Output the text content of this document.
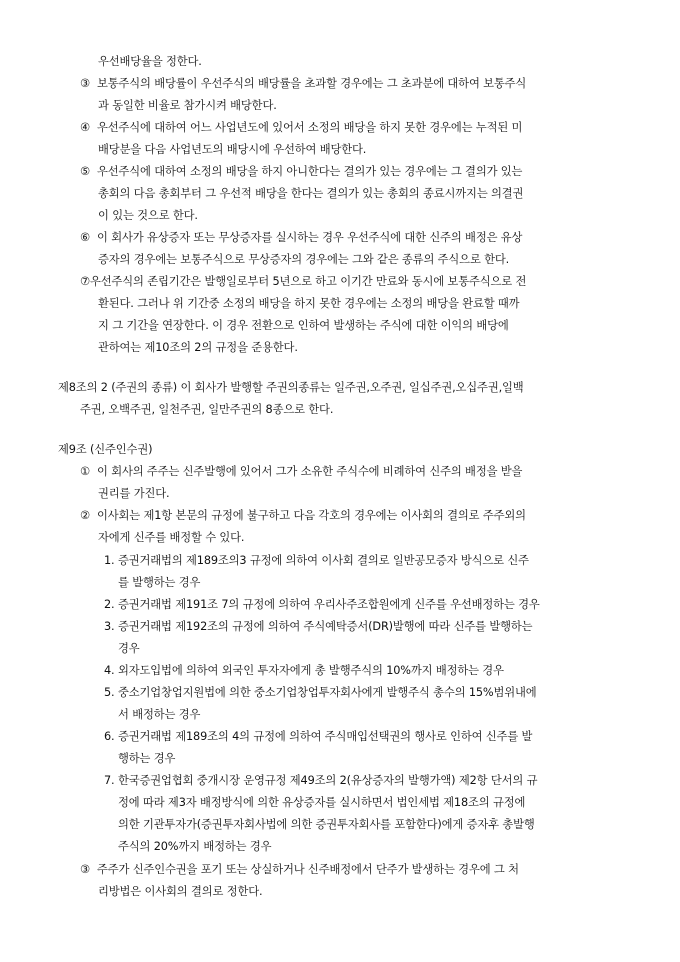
우선배당율을 정한다.
③ 보통주식의 배당률이 우선주식의 배당률을 초과할 경우에는 그 초과분에 대하여 보통주식
과 동일한 비율로 참가시켜 배당한다.
④ 우선주식에 대하여 어느 사업년도에 있어서 소정의 배당을 하지 못한 경우에는 누적된 미
배당분을 다음 사업년도의 배당시에 우선하여 배당한다.
⑤ 우선주식에 대하여 소정의 배당을 하지 아니한다는 결의가 있는 경우에는 그 결의가 있는
총회의 다음 총회부터 그 우선적 배당을 한다는 결의가 있는 총회의 종료시까지는 의결권
이 있는 것으로 한다.
⑥ 이 회사가 유상증자 또는 무상증자를 실시하는 경우 우선주식에 대한 신주의 배정은 유상
증자의 경우에는 보통주식으로 무상증자의 경우에는 그와 같은 종류의 주식으로 한다.
⑦우선주식의 존립기간은 발행일로부터 5년으로 하고 이기간 만료와 동시에 보통주식으로 전
환된다. 그러나 위 기간중 소정의 배당을 하지 못한 경우에는 소정의 배당을 완료할 때까
지 그 기간을 연장한다. 이 경우 전환으로 인하여 발생하는 주식에 대한 이익의 배당에
관하여는 제10조의 2의 규정을 준용한다.
제8조의 2 (주권의 종류) 이 회사가 발행할 주권의종류는 일주권,오주권, 일십주권,오십주권,일백
주권, 오백주권, 일천주권, 일만주권의 8종으로 한다.
제9조 (신주인수권)
① 이 회사의 주주는 신주발행에 있어서 그가 소유한 주식수에 비례하여 신주의 배정을 받을
권리를 가진다.
② 이사회는 제1항 본문의 규정에 불구하고 다음 각호의 경우에는 이사회의 결의로 주주외의
자에게 신주를 배정할 수 있다.
1. 증권거래법의 제189조의3 규정에 의하여 이사회 결의로 일반공모증자 방식으로 신주
를 발행하는 경우
2. 증권거래법 제191조 7의 규정에 의하여 우리사주조합원에게 신주를 우선배정하는 경우
3. 증권거래법 제192조의 규정에 의하여 주식예탁증서(DR)발행에 따라 신주를 발행하는
경우
4. 외자도입법에 의하여 외국인 투자자에게 총 발행주식의 10%까지 배정하는 경우
5. 중소기업창업지원법에 의한 중소기업창업투자회사에게 발행주식 총수의 15%범위내에
서 배정하는 경우
6. 증권거래법 제189조의 4의 규정에 의하여 주식매입선택권의 행사로 인하여 신주를 발
행하는 경우
7. 한국증권업협회 중개시장 운영규정 제49조의 2(유상증자의 발행가액) 제2항 단서의 규
정에 따라 제3자 배정방식에 의한 유상증자를 실시하면서 법인세법 제18조의 규정에
의한 기관투자가(증권투자회사법에 의한 증권투자회사를 포함한다)에게 증자후 총발행
주식의 20%까지 배정하는 경우
③ 주주가 신주인수권을 포기 또는 상실하거나 신주배정에서 단주가 발생하는 경우에 그 처
리방법은 이사회의 결의로 정한다.
